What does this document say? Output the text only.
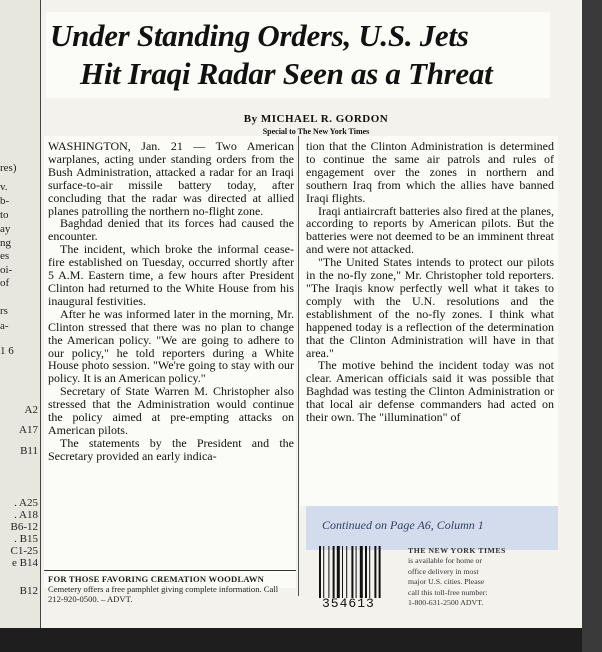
res)
v.
b-
to
ay
ng
es
oi-
of
rs
a-
1 6
A2
A17
B11
. A25
. A18
B6-12
. B15
C1-25
e B14
B12
Under Standing Orders, U.S. Jets
Hit Iraqi Radar Seen as a Threat
By MICHAEL R. GORDON
Special to The New York Times

WASHINGTON, Jan. 21 — Two American warplanes, acting under standing orders from the Bush Administration, attacked a radar for an Iraqi surface-to-air missile battery today, after concluding that the radar was directed at allied planes patrolling the northern no-flight zone.

Baghdad denied that its forces had caused the encounter.

The incident, which broke the informal cease-fire established on Tuesday, occurred shortly after 5 A.M. Eastern time, a few hours after President Clinton had returned to the White House from his inaugural festivities.

After he was informed later in the morning, Mr. Clinton stressed that there was no plan to change the American policy. "We are going to adhere to our policy," he told reporters during a White House photo session. "We're going to stay with our policy. It is an American policy."

Secretary of State Warren M. Christopher also stressed that the Administration would continue the policy aimed at pre-empting attacks on American pilots.

The statements by the President and the Secretary provided an early indica-

tion that the Clinton Administration is determined to continue the same air patrols and rules of engagement over the zones in northern and southern Iraq from which the allies have banned Iraqi flights.

Iraqi antiaircraft batteries also fired at the planes, according to reports by American pilots. But the batteries were not deemed to be an imminent threat and were not attacked.

"The United States intends to protect our pilots in the no-fly zone," Mr. Christopher told reporters. "The Iraqis know perfectly well what it takes to comply with the U.N. resolutions and the establishment of the no-fly zones. I think what happened today is a reflection of the determination that the Clinton Administration will have in that area."

The motive behind the incident today was not clear. American officials said it was possible that Baghdad was testing the Clinton Administration or that local air defense commanders had acted on their own. The "illumination" of

Continued on Page A6, Column 1
FOR THOSE FAVORING CREMATION WOODLAWN
Cemetery offers a free pamphlet giving complete information. Call 212-920-0500. – ADVT.	354613
THE NEW YORK TIMES
is available for home or
office delivery in most
major U.S. cities. Please
call this toll-free number:
1-800-631-2500 ADVT.
